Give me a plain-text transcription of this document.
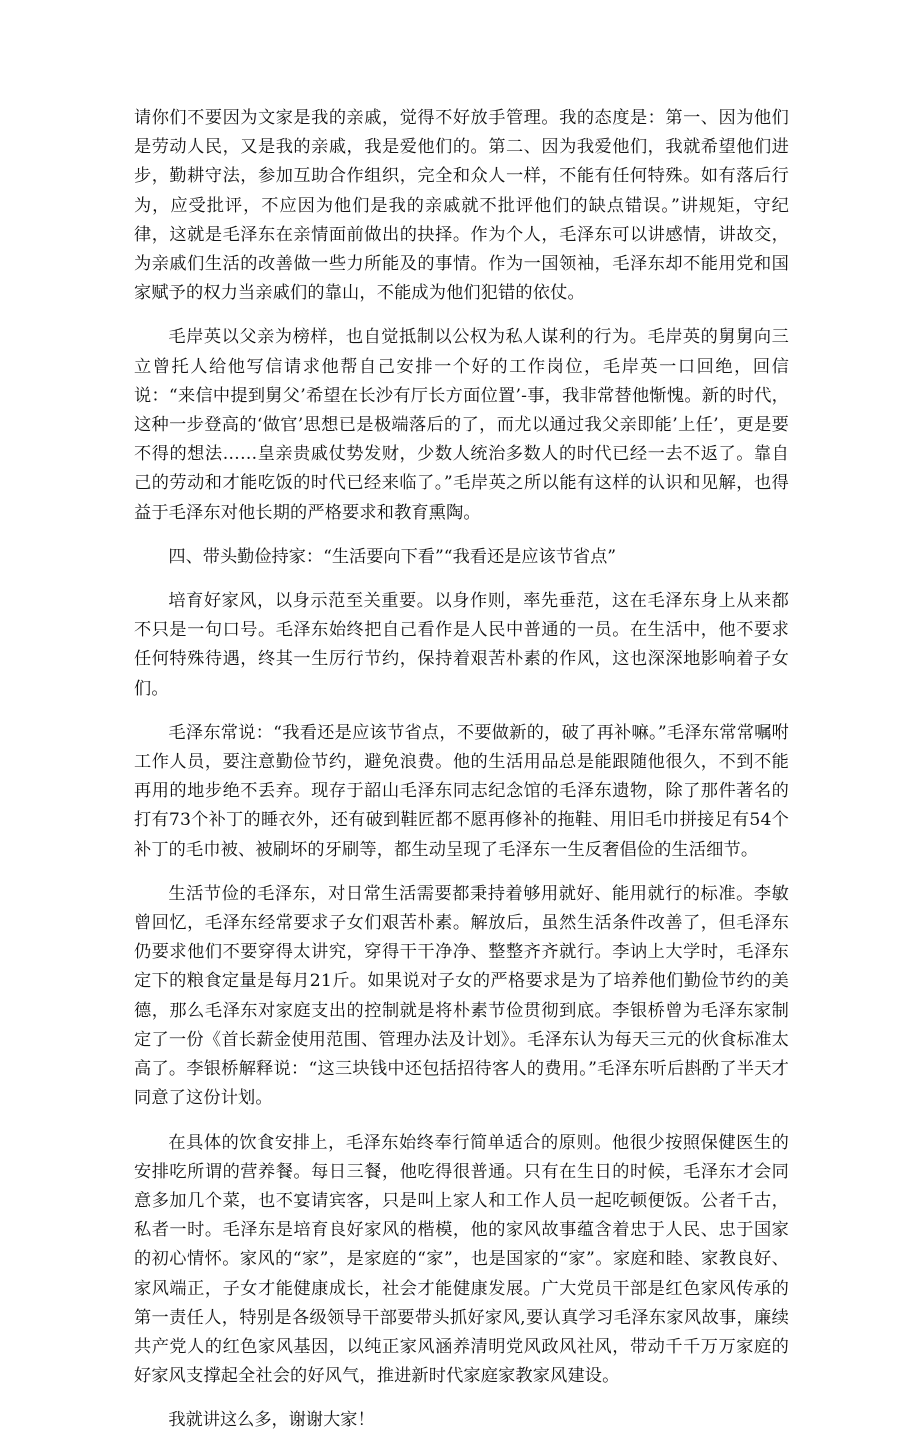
请你们不要因为文家是我的亲戚，觉得不好放手管理。我的态度是：第一、因为他们是劳动人民，又是我的亲戚，我是爱他们的。第二、因为我爱他们，我就希望他们进步，勤耕守法，参加互助合作组织，完全和众人一样，不能有任何特殊。如有落后行为，应受批评，不应因为他们是我的亲戚就不批评他们的缺点错误。”讲规矩，守纪律，这就是毛泽东在亲情面前做出的抉择。作为个人，毛泽东可以讲感情，讲故交，为亲戚们生活的改善做一些力所能及的事情。作为一国领袖，毛泽东却不能用党和国家赋予的权力当亲戚们的靠山，不能成为他们犯错的依仗。

毛岸英以父亲为榜样，也自觉抵制以公权为私人谋利的行为。毛岸英的舅舅向三立曾托人给他写信请求他帮自己安排一个好的工作岗位，毛岸英一口回绝，回信说：“来信中提到舅父’希望在长沙有厅长方面位置’-事，我非常替他惭愧。新的时代，这种一步登高的‘做官’思想已是极端落后的了，而尤以通过我父亲即能’上任’，更是要不得的想法……皇亲贵戚仗势发财，少数人统治多数人的时代已经一去不返了。靠自己的劳动和才能吃饭的时代已经来临了。”毛岸英之所以能有这样的认识和见解，也得益于毛泽东对他长期的严格要求和教育熏陶。

四、带头勤俭持家：“生活要向下看”“我看还是应该节省点”

培育好家风，以身示范至关重要。以身作则，率先垂范，这在毛泽东身上从来都不只是一句口号。毛泽东始终把自己看作是人民中普通的一员。在生活中，他不要求任何特殊待遇，终其一生厉行节约，保持着艰苦朴素的作风，这也深深地影响着子女们。

毛泽东常说：“我看还是应该节省点，不要做新的，破了再补嘛。”毛泽东常常嘱咐工作人员，要注意勤俭节约，避免浪费。他的生活用品总是能跟随他很久，不到不能再用的地步绝不丢弃。现存于韶山毛泽东同志纪念馆的毛泽东遗物，除了那件著名的打有73个补丁的睡衣外，还有破到鞋匠都不愿再修补的拖鞋、用旧毛巾拼接足有54个补丁的毛巾被、被刷坏的牙刷等，都生动呈现了毛泽东一生反奢倡俭的生活细节。

生活节俭的毛泽东，对日常生活需要都秉持着够用就好、能用就行的标准。李敏曾回忆，毛泽东经常要求子女们艰苦朴素。解放后，虽然生活条件改善了，但毛泽东仍要求他们不要穿得太讲究，穿得干干净净、整整齐齐就行。李讷上大学时，毛泽东定下的粮食定量是每月21斤。如果说对子女的严格要求是为了培养他们勤俭节约的美德，那么毛泽东对家庭支出的控制就是将朴素节俭贯彻到底。李银桥曾为毛泽东家制定了一份《首长薪金使用范围、管理办法及计划》。毛泽东认为每天三元的伙食标准太高了。李银桥解释说：“这三块钱中还包括招待客人的费用。”毛泽东听后斟酌了半天才同意了这份计划。

在具体的饮食安排上，毛泽东始终奉行简单适合的原则。他很少按照保健医生的安排吃所谓的营养餐。每日三餐，他吃得很普通。只有在生日的时候，毛泽东才会同意多加几个菜，也不宴请宾客，只是叫上家人和工作人员一起吃顿便饭。公者千古，私者一时。毛泽东是培育良好家风的楷模，他的家风故事蕴含着忠于人民、忠于国家的初心情怀。家风的“家”，是家庭的“家”，也是国家的“家”。家庭和睦、家教良好、家风端正，子女才能健康成长，社会才能健康发展。广大党员干部是红色家风传承的第一责任人，特别是各级领导干部要带头抓好家风,要认真学习毛泽东家风故事，廉续共产党人的红色家风基因，以纯正家风涵养清明党风政风社风，带动千千万万家庭的好家风支撑起全社会的好风气，推进新时代家庭家教家风建设。

我就讲这么多，谢谢大家！
